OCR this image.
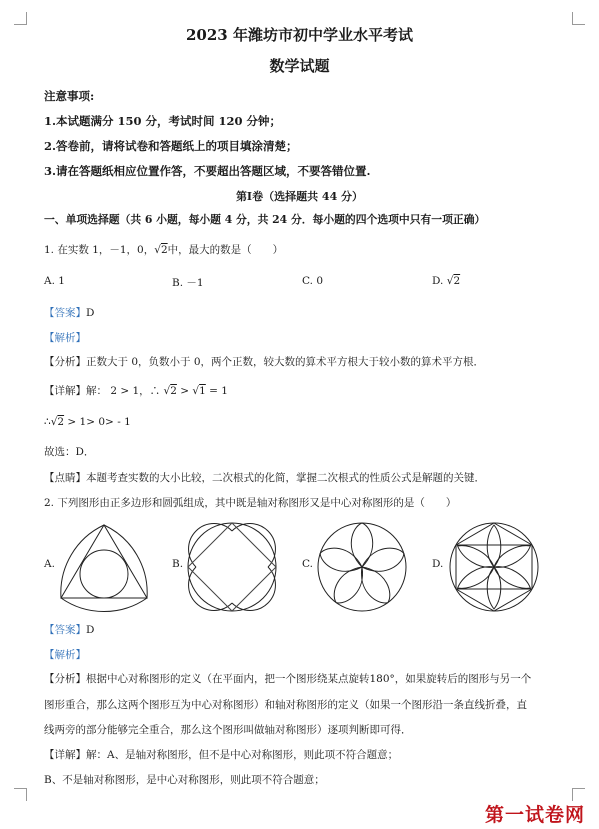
2023 年潍坊市初中学业水平考试
数学试题
注意事项:
1.本试题满分 150 分，考试时间 120 分钟；
2.答卷前，请将试卷和答题纸上的项目填涂清楚；
3.请在答题纸相应位置作答，不要超出答题区域，不要答错位置.
第Ⅰ卷（选择题共 44 分）
一、单项选择题（共 6 小题，每小题 4 分，共 24 分．每小题的四个选项中只有一项正确）
1. 在实数 1，－1，0，√2中，最大的数是（　　）
A. 1	B. －1	C. 0	D. √2
【答案】D
【解析】
【分析】正数大于 0，负数小于 0，两个正数，较大数的算术平方根大于较小数的算术平方根．
【详解】解： 2 > 1，∴ √2 > √1 = 1
∴√2 > 1> 0> - 1
故选：D．
【点睛】本题考查实数的大小比较，二次根式的化简，掌握二次根式的性质公式是解题的关键．
2. 下列图形由正多边形和圆弧组成，其中既是轴对称图形又是中心对称图形的是（　　）
A.	B.	C.	D.
【答案】D
【解析】
【分析】根据中心对称图形的定义（在平面内，把一个图形绕某点旋转180°，如果旋转后的图形与另一个
图形重合，那么这两个图形互为中心对称图形）和轴对称图形的定义（如果一个图形沿一条直线折叠，直
线两旁的部分能够完全重合，那么这个图形叫做轴对称图形）逐项判断即可得．
【详解】解：A、是轴对称图形，但不是中心对称图形，则此项不符合题意；
B、不是轴对称图形，是中心对称图形，则此项不符合题意；
第一试卷网
